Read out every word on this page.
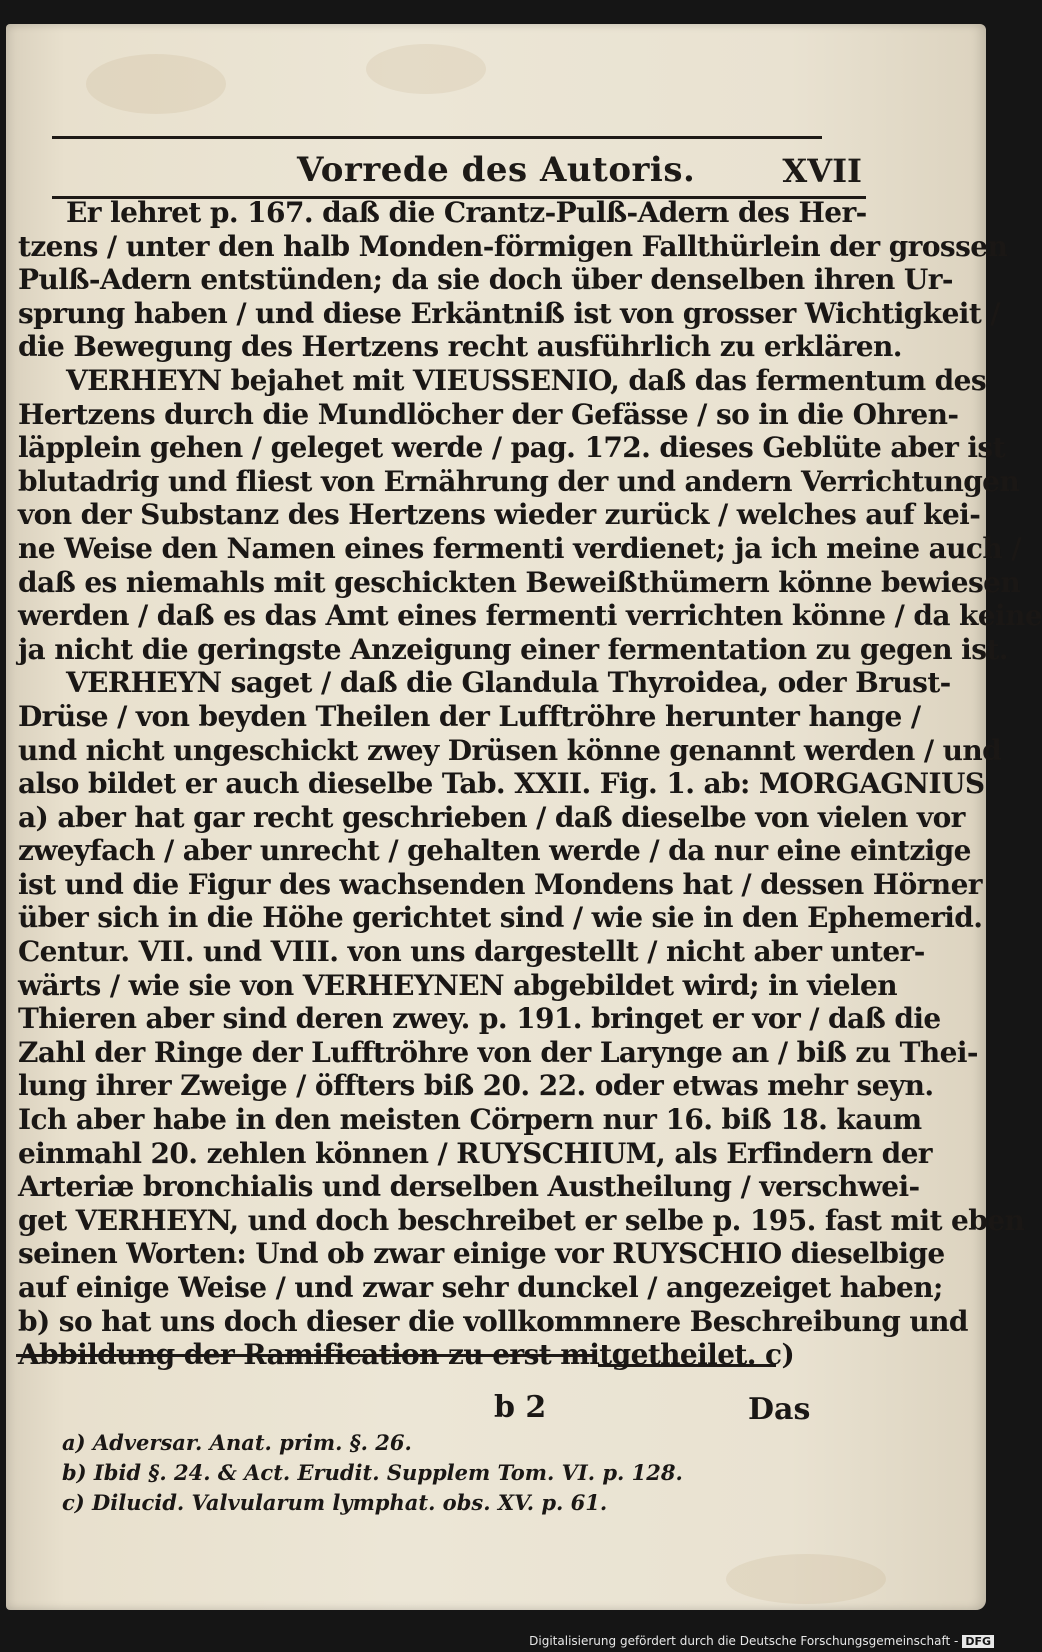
Vorrede des Autoris.	XVII
Er lehret p. 167. daß die Crantz-Pulß-Adern des Her-
tzens / unter den halb Monden-förmigen Fallthürlein der grossen
Pulß-Adern entstünden; da sie doch über denselben ihren Ur-
sprung haben / und diese Erkäntniß ist von grosser Wichtigkeit /
die Bewegung des Hertzens recht ausführlich zu erklären.
VERHEYN bejahet mit VIEUSSENIO, daß das fermentum des
Hertzens durch die Mundlöcher der Gefässe / so in die Ohren-
läpplein gehen / geleget werde / pag. 172. dieses Geblüte aber ist
blutadrig und fliest von Ernährung der und andern Verrichtungen
von der Substanz des Hertzens wieder zurück / welches auf kei-
ne Weise den Namen eines fermenti verdienet; ja ich meine auch /
daß es niemahls mit geschickten Beweißthümern könne bewiesen
werden / daß es das Amt eines fermenti verrichten könne / da keine
ja nicht die geringste Anzeigung einer fermentation zu gegen ist.
VERHEYN saget / daß die Glandula Thyroidea, oder Brust-
Drüse / von beyden Theilen der Lufftröhre herunter hange /
und nicht ungeschickt zwey Drüsen könne genannt werden / und
also bildet er auch dieselbe Tab. XXII. Fig. 1. ab: MORGAGNIUS
a) aber hat gar recht geschrieben / daß dieselbe von vielen vor
zweyfach / aber unrecht / gehalten werde / da nur eine eintzige
ist und die Figur des wachsenden Mondens hat / dessen Hörner
über sich in die Höhe gerichtet sind / wie sie in den Ephemerid.
Centur. VII. und VIII. von uns dargestellt / nicht aber unter-
wärts / wie sie von VERHEYNEN abgebildet wird; in vielen
Thieren aber sind deren zwey. p. 191. bringet er vor / daß die
Zahl der Ringe der Lufftröhre von der Larynge an / biß zu Thei-
lung ihrer Zweige / öffters biß 20. 22. oder etwas mehr seyn.
Ich aber habe in den meisten Cörpern nur 16. biß 18. kaum
einmahl 20. zehlen können / RUYSCHIUM, als Erfindern der
Arteriæ bronchialis und derselben Austheilung / verschwei-
get VERHEYN, und doch beschreibet er selbe p. 195. fast mit eben
seinen Worten: Und ob zwar einige vor RUYSCHIO dieselbige
auf einige Weise / und zwar sehr dunckel / angezeiget haben;
b) so hat uns doch dieser die vollkommnere Beschreibung und
Abbildung der Ramification zu erst mitgetheilet. c)
b 2	Das
a) Adversar. Anat. prim. §. 26.
b) Ibid §. 24. & Act. Erudit. Supplem Tom. VI. p. 128.
c) Dilucid. Valvularum lymphat. obs. XV. p. 61.
Digitalisierung gefördert durch die Deutsche Forschungsgemeinschaft - DFG
